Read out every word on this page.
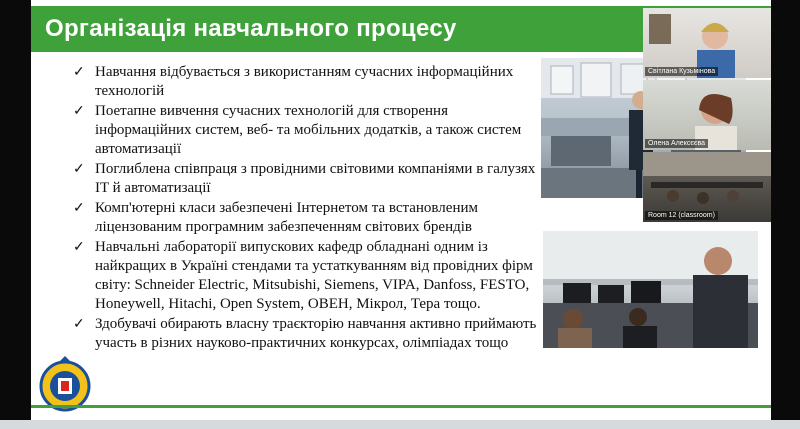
Організація навчального процесу
✓ Навчання відбувається з використанням сучасних інформаційних технологій
✓ Поетапне вивчення сучасних технологій для створення інформаційних систем, веб- та мобільних додатків, а також систем автоматизації
✓ Поглиблена співпраця з провідними світовими компаніями в галузях IT й автоматизації
✓ Комп'ютерні класи забезпечені Інтернетом та встановленим ліцензованим програмним забезпеченням світових брендів
✓ Навчальні лабораторії випускових кафедр обладнані одним із найкращих в Україні стендами та устаткуванням від провідних фірм світу: Schneider Electric, Mitsubishi, Siemens, VIPA, Danfoss, FESTO, Honeywell, Hitachi, Open System, ОВЕН, Мікрол, Тера тощо.
✓ Здобувачі обирають власну траєкторію навчання активно приймають участь в різних науково-практичних конкурсах, олімпіадах тощо
Світлана Кузьмінова
Олена Алексєєва
Room 12 (classroom)
